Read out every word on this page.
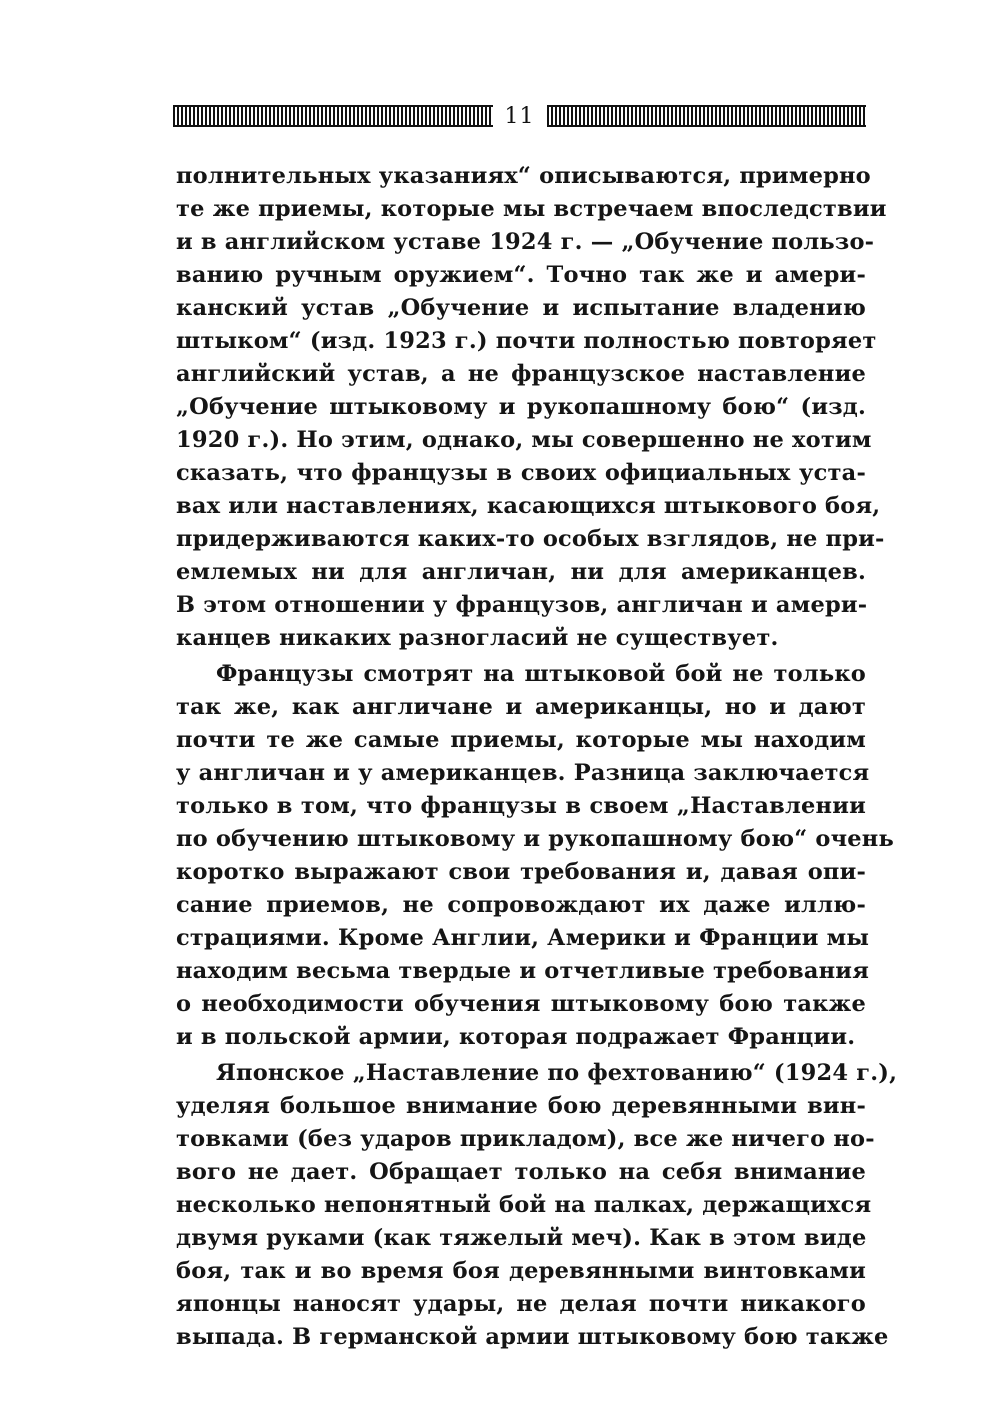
11
полнительных указаниях“ описываются, примерно
те же приемы, которые мы встречаем впоследствии
и в английском уставе 1924 г. — „Обучение пользо-
ванию ручным оружием“. Точно так же и амери-
канский устав „Обучение и испытание владению
штыком“ (изд. 1923 г.) почти полностью повторяет
английский устав, а не французское наставление
„Обучение штыковому и рукопашному бою“ (изд.
1920 г.). Но этим, однако, мы совершенно не хотим
сказать, что французы в своих официальных уста-
вах или наставлениях, касающихся штыкового боя,
придерживаются каких-то особых взглядов, не при-
емлемых ни для англичан, ни для американцев.
В этом отношении у французов, англичан и амери-
канцев никаких разногласий не существует.
Французы смотрят на штыковой бой не только
так же, как англичане и американцы, но и дают
почти те же самые приемы, которые мы находим
у англичан и у американцев. Разница заключается
только в том, что французы в своем „Наставлении
по обучению штыковому и рукопашному бою“ очень
коротко выражают свои требования и, давая опи-
сание приемов, не сопровождают их даже иллю-
страциями. Кроме Англии, Америки и Франции мы
находим весьма твердые и отчетливые требования
о необходимости обучения штыковому бою также
и в польской армии, которая подражает Франции.
Японское „Наставление по фехтованию“ (1924 г.),
уделяя большое внимание бою деревянными вин-
товками (без ударов прикладом), все же ничего но-
вого не дает. Обращает только на себя внимание
несколько непонятный бой на палках, держащихся
двумя руками (как тяжелый меч). Как в этом виде
боя, так и во время боя деревянными винтовками
японцы наносят удары, не делая почти никакого
выпада. В германской армии штыковому бою также
